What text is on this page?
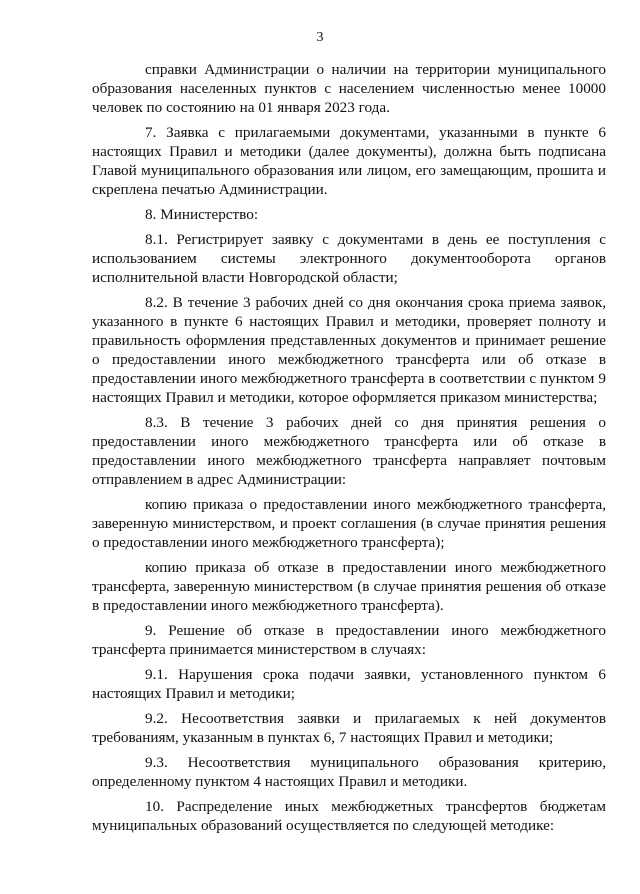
3

справки Администрации о наличии на территории муниципального образования населенных пунктов с населением численностью менее 10000 человек по состоянию на 01 января 2023 года.

7. Заявка с прилагаемыми документами, указанными в пункте 6 настоящих Правил и методики (далее документы), должна быть подписана Главой муниципального образования или лицом, его замещающим, прошита и скреплена печатью Администрации.

8. Министерство:

8.1. Регистрирует заявку с документами в день ее поступления с использованием системы электронного документооборота органов исполнительной власти Новгородской области;

8.2. В течение 3 рабочих дней со дня окончания срока приема заявок, указанного в пункте 6 настоящих Правил и методики, проверяет полноту и правильность оформления представленных документов и принимает решение о предоставлении иного межбюджетного трансферта или об отказе в предоставлении иного межбюджетного трансферта в соответствии с пунктом 9 настоящих Правил и методики, которое оформляется приказом министерства;

8.3. В течение 3 рабочих дней со дня принятия решения о предоставлении иного межбюджетного трансферта или об отказе в предоставлении иного межбюджетного трансферта направляет почтовым отправлением в адрес Администрации:

копию приказа о предоставлении иного межбюджетного трансферта, заверенную министерством, и проект соглашения (в случае принятия решения о предоставлении иного межбюджетного трансферта);

копию приказа об отказе в предоставлении иного межбюджетного трансферта, заверенную министерством (в случае принятия решения об отказе в предоставлении иного межбюджетного трансферта).

9. Решение об отказе в предоставлении иного межбюджетного трансферта принимается министерством в случаях:

9.1. Нарушения срока подачи заявки, установленного пунктом 6 настоящих Правил и методики;

9.2. Несоответствия заявки и прилагаемых к ней документов требованиям, указанным в пунктах 6, 7 настоящих Правил и методики;

9.3. Несоответствия муниципального образования критерию, определенному пунктом 4 настоящих Правил и методики.

10. Распределение иных межбюджетных трансфертов бюджетам муниципальных образований осуществляется по следующей методике:
